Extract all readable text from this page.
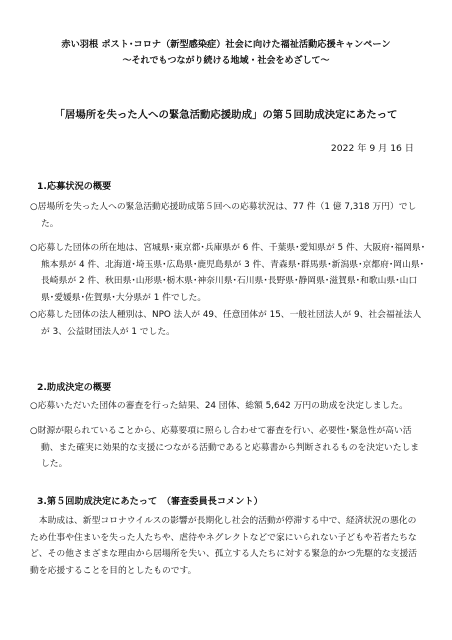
赤い羽根 ポスト･コロナ（新型感染症）社会に向けた福祉活動応援キャンペーン
〜それでもつながり続ける地域・社会をめざして〜
「居場所を失った人への緊急活動応援助成」の第５回助成決定にあたって
2022 年 9 月 16 日
1.応募状況の概要

○居場所を失った人への緊急活動応援助成第５回への応募状況は、77 件（1 億 7,318 万円）でした。

○応募した団体の所在地は、宮城県･東京都･兵庫県が 6 件、千葉県･愛知県が 5 件、大阪府･福岡県･熊本県が 4 件、北海道･埼玉県･広島県･鹿児島県が 3 件、青森県･群馬県･新潟県･京都府･岡山県･長崎県が 2 件、秋田県･山形県･栃木県･神奈川県･石川県･長野県･静岡県･滋賀県･和歌山県･山口県･愛媛県･佐賀県･大分県が 1 件でした。

○応募した団体の法人種別は、NPO 法人が 49、任意団体が 15、一般社団法人が 9、社会福祉法人が 3、公益財団法人が 1 でした。

2.助成決定の概要

○応募いただいた団体の審査を行った結果、24 団体、総額 5,642 万円の助成を決定しました。

○財源が限られていることから、応募要項に照らし合わせて審査を行い、必要性･緊急性が高い活動、また確実に効果的な支援につながる活動であると応募書から判断されるものを決定いたしました。

3.第５回助成決定にあたって　（審査委員長コメント）

本助成は、新型コロナウイルスの影響が長期化し社会的活動が停滞する中で、経済状況の悪化のため仕事や住まいを失った人たちや、虐待やネグレクトなどで家にいられない子どもや若者たちなど、その他さまざまな理由から居場所を失い、孤立する人たちに対する緊急的かつ先駆的な支援活動を応援することを目的としたものです。
